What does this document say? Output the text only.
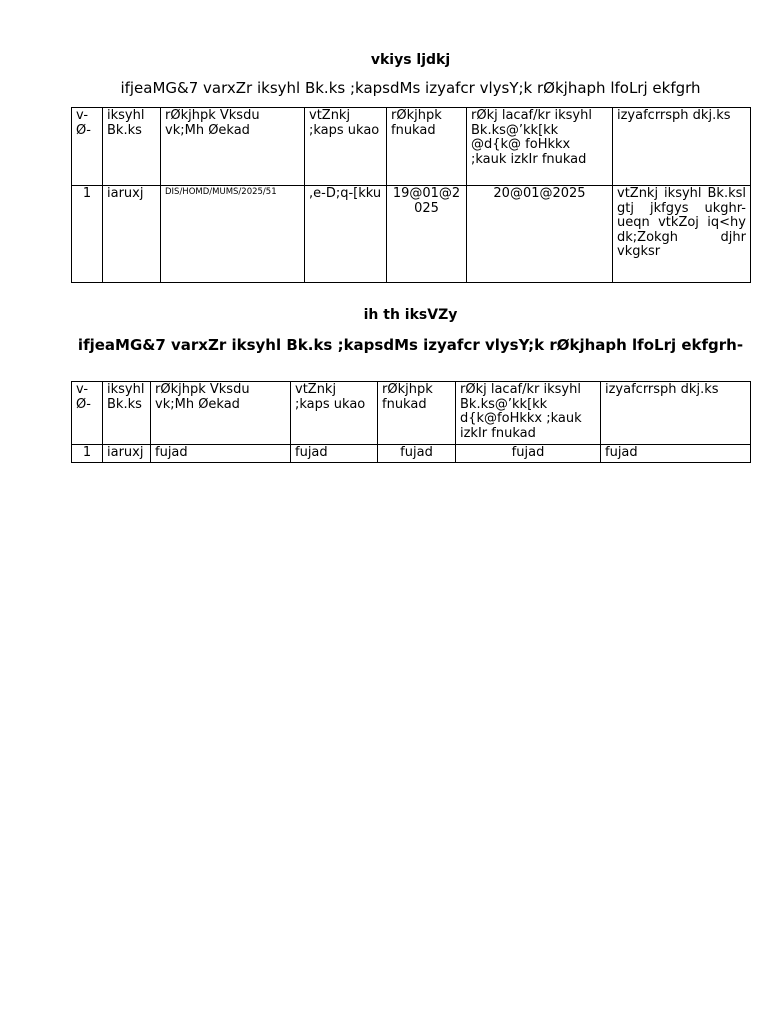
vkiys ljdkj
ifjeaMG&7 varxZr iksyhl Bk.ks ;kapsdMs izyafcr vlysY;k rØkjhaph lfoLrj ekfgrh
v-Ø-	iksyhl Bk.ks	rØkjhpk Vksdu vk;Mh Øekad	vtZnkj ;kaps ukao	rØkjhpk fnukad	rØkj lacaf/kr iksyhl Bk.ks@’kk[kk @d{k@ foHkkx ;kauk izkIr fnukad	izyafcrrsph dkj.ks
1	iaruxj	DIS/HOMD/MUMS/2025/51	,e-D;q-[kku	19@01@2025	20@01@2025	vtZnkj iksyhl Bk.ksl gtj jkfgys ukghr- ueqn vtkZoj iq<hy dk;Zokgh djhr vkgksr
ih th iksVZy
ifjeaMG&7 varxZr iksyhl Bk.ks ;kapsdMs izyafcr vlysY;k rØkjhaph lfoLrj ekfgrh-
v-Ø-	iksyhl Bk.ks	rØkjhpk Vksdu vk;Mh Øekad	vtZnkj ;kaps ukao	rØkjhpk fnukad	rØkj lacaf/kr iksyhl Bk.ks@’kk[kk d{k@foHkkx ;kauk izkIr fnukad	izyafcrrsph dkj.ks
1	iaruxj	fujad	fujad	fujad	fujad	fujad
